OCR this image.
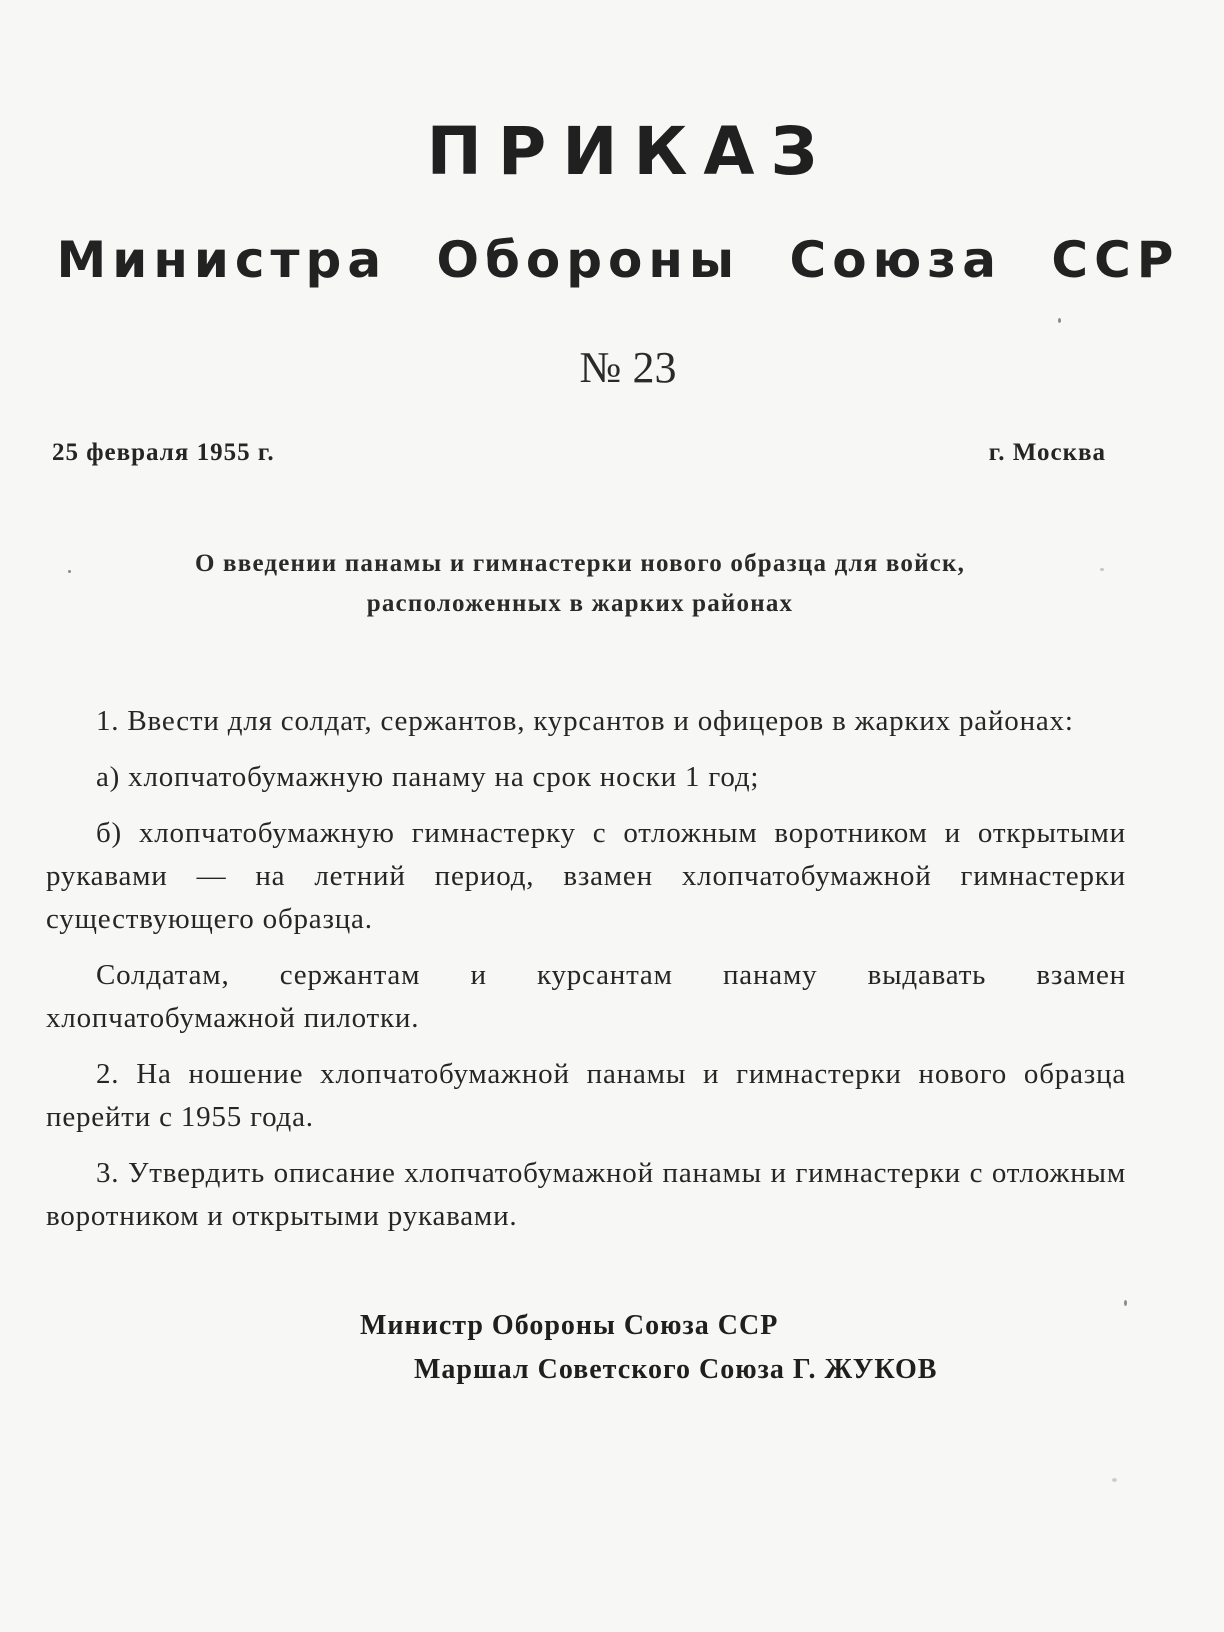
ПРИКАЗ
Министра Обороны Союза ССР
№ 23
25 февраля 1955 г.	г. Москва
О введении панамы и гимнастерки нового образца для войск,
расположенных в жарких районах

1. Ввести для солдат, сержантов, курсантов и офицеров в жарких районах:

а) хлопчатобумажную панаму на срок носки 1 год;

б) хлопчатобумажную гимнастерку с отложным воротником и открытыми рукавами — на летний период, взамен хлопчатобумажной гимнастерки существующего образца.

Солдатам, сержантам и курсантам панаму выдавать взамен хлопчатобумажной пилотки.

2. На ношение хлопчатобумажной панамы и гимнастерки нового образца перейти с 1955 года.

3. Утвердить описание хлопчатобумажной панамы и гимнастерки с отложным воротником и открытыми рукавами.

Министр Обороны Союза ССР
Маршал Советского Союза Г. ЖУКОВ
